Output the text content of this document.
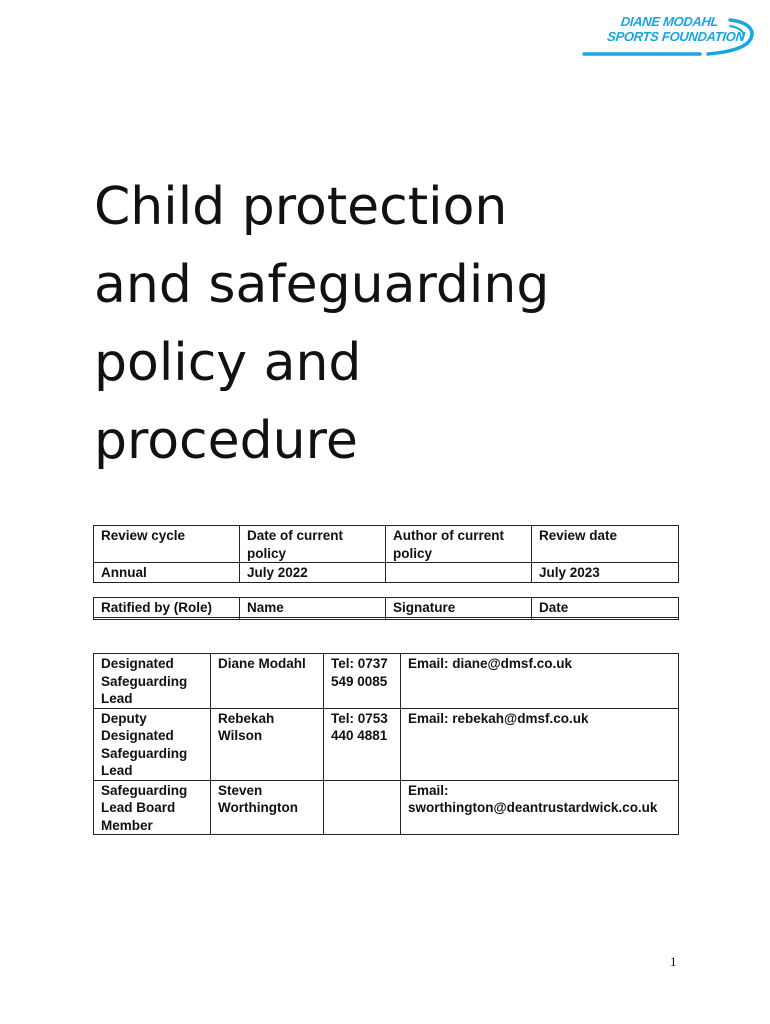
DIANE MODAHL
SPORTS FOUNDATION
Child protection
and safeguarding
policy and
procedure
Review cycle	Date of current policy	Author of current policy	Review date
Annual	July 2022		July 2023
Ratified by (Role)	Name	Signature	Date

Designated Safeguarding Lead	Diane Modahl	Tel: 0737 549 0085	Email: diane@dmsf.co.uk
Deputy Designated Safeguarding Lead	Rebekah Wilson	Tel: 0753 440 4881	Email: rebekah@dmsf.co.uk
Safeguarding Lead Board Member	Steven Worthington		Email: sworthington@deantrustardwick.co.uk
1
